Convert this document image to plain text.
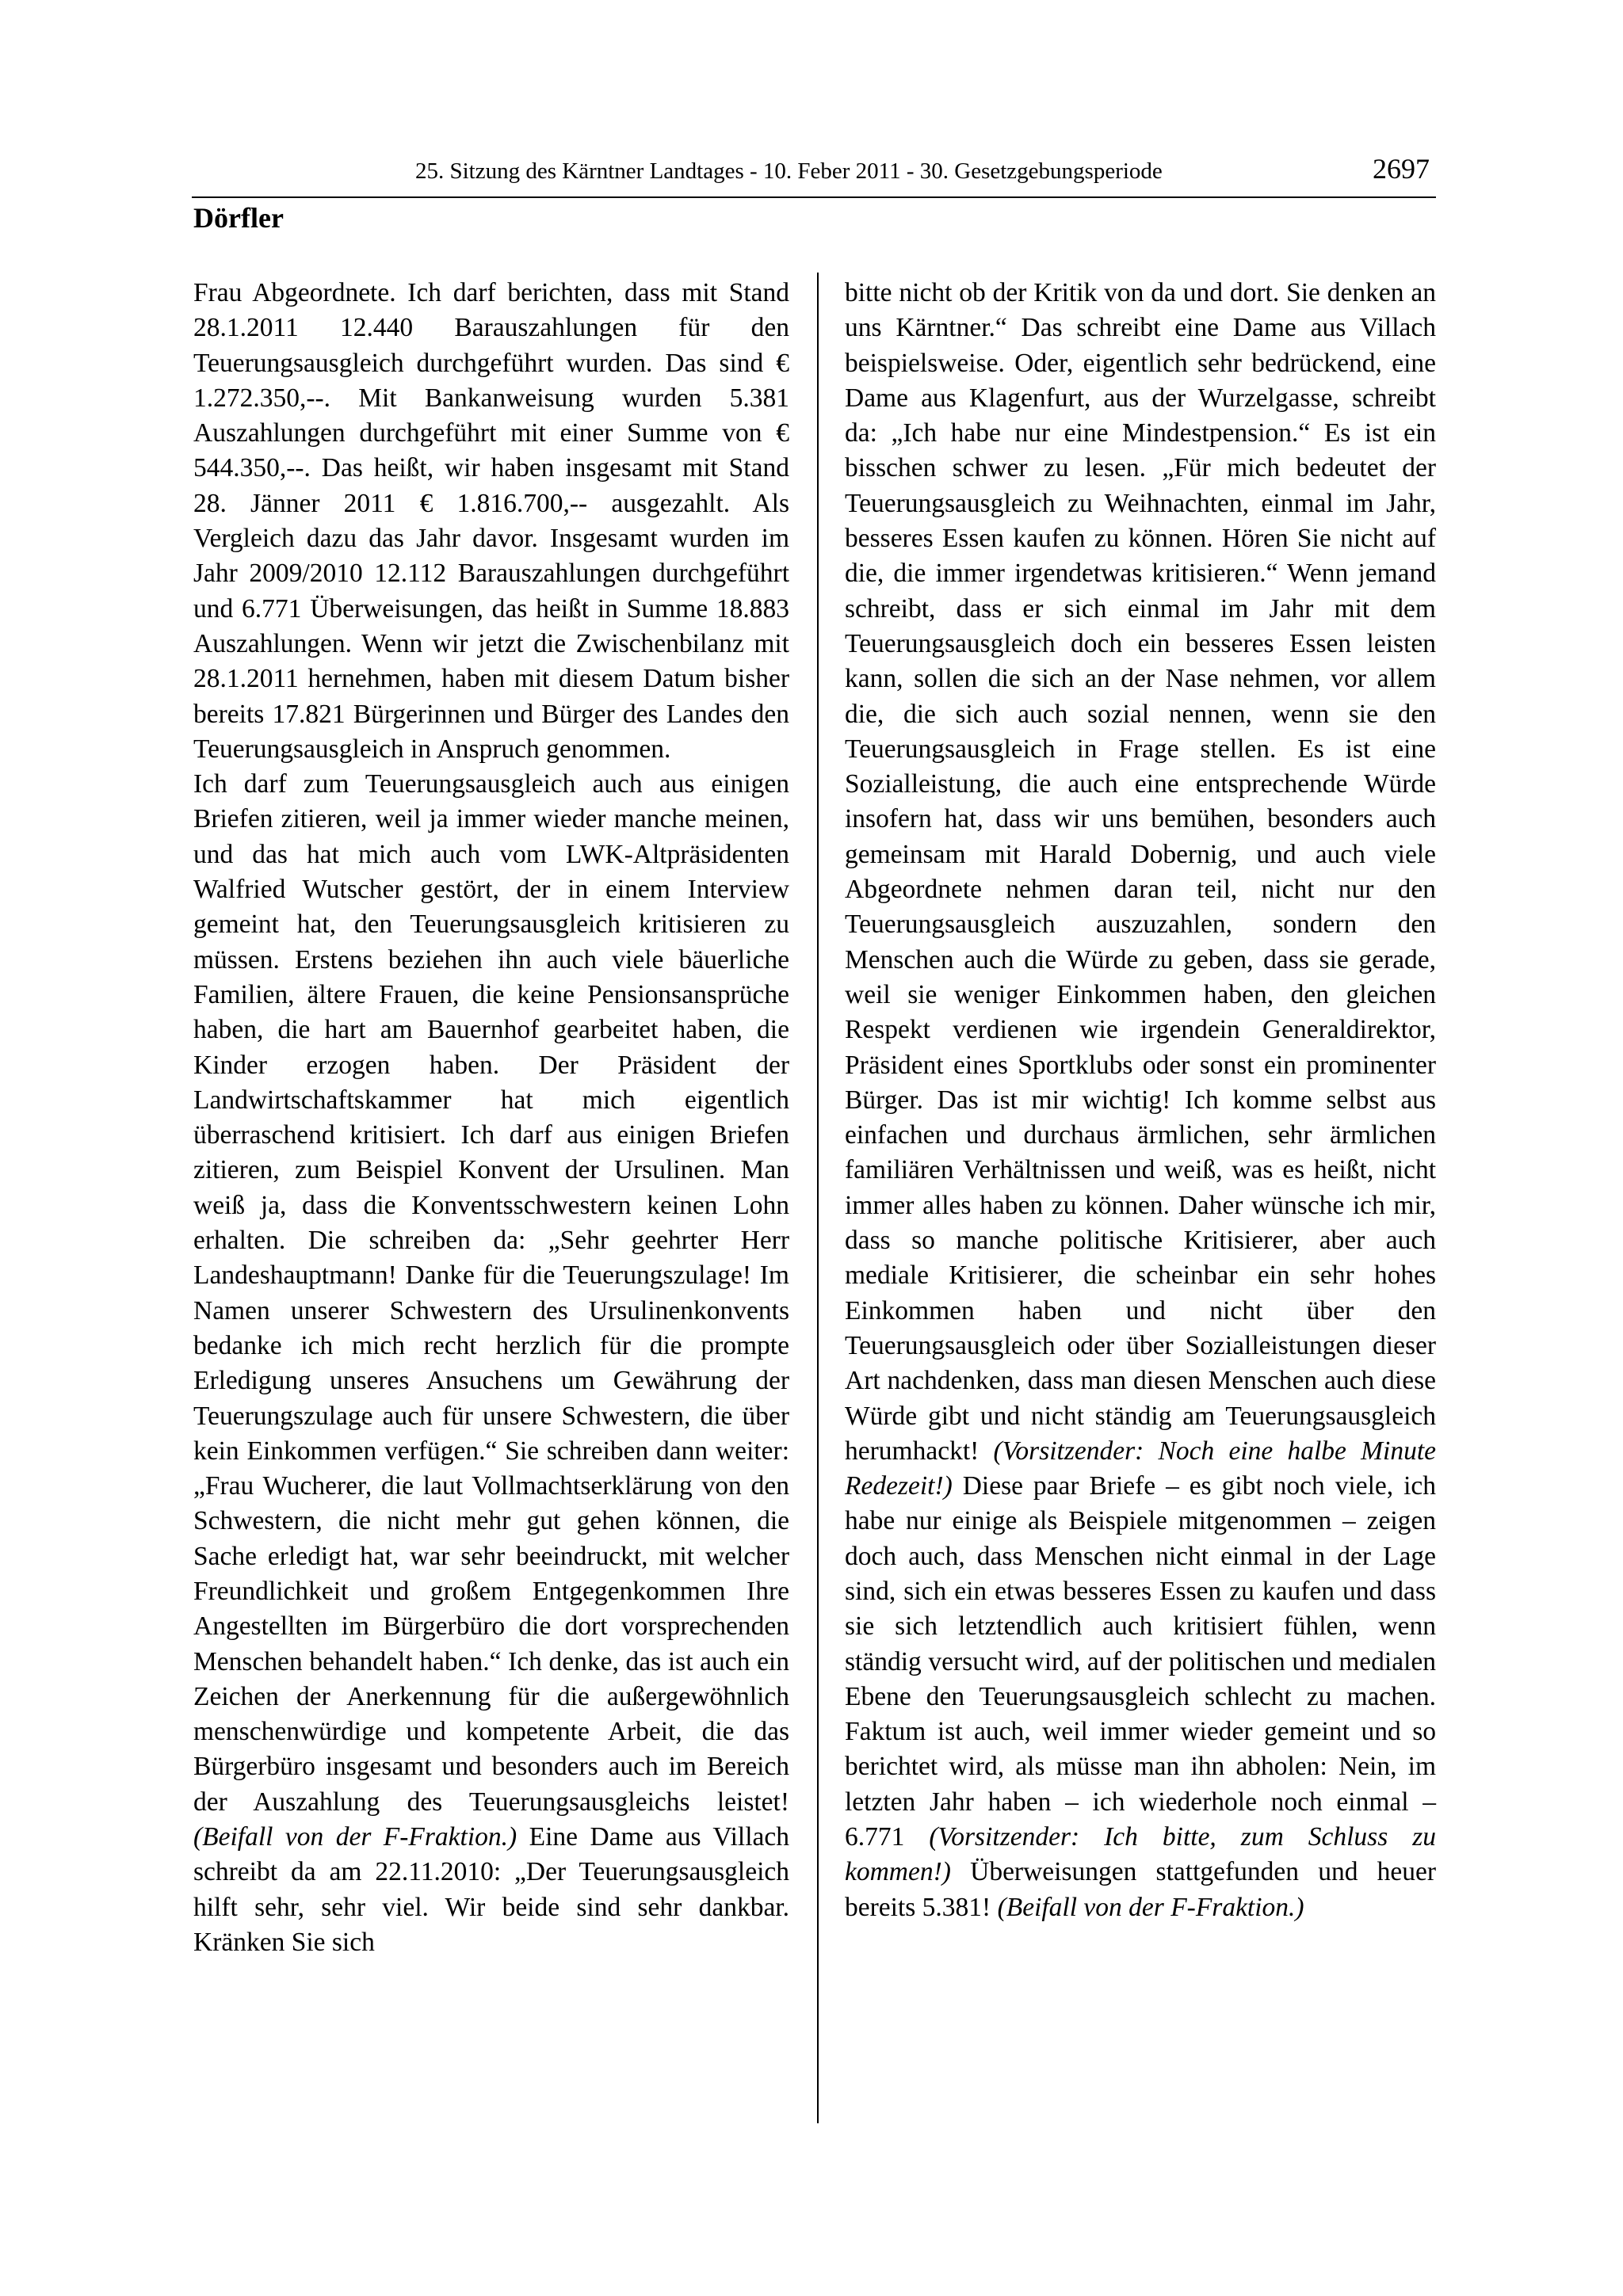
25. Sitzung des Kärntner Landtages - 10. Feber 2011 - 30. Gesetzgebungsperiode	2697
Dörfler

Frau Abgeordnete. Ich darf berichten, dass mit Stand 28.1.2011 12.440 Barauszahlungen für den Teuerungsausgleich durchgeführt wurden. Das sind € 1.272.350,--. Mit Bankanweisung wurden 5.381 Auszahlungen durchgeführt mit einer Summe von € 544.350,--. Das heißt, wir haben insgesamt mit Stand 28. Jänner 2011 € 1.816.700,-- ausgezahlt. Als Vergleich dazu das Jahr davor. Insgesamt wurden im Jahr 2009/2010 12.112 Barauszahlungen durchgeführt und 6.771 Überweisungen, das heißt in Summe 18.883 Auszahlungen. Wenn wir jetzt die Zwischenbilanz mit 28.1.2011 hernehmen, haben mit diesem Datum bisher bereits 17.821 Bürgerinnen und Bürger des Landes den Teuerungsausgleich in Anspruch genommen.

Ich darf zum Teuerungsausgleich auch aus einigen Briefen zitieren, weil ja immer wieder manche meinen, und das hat mich auch vom LWK-Altpräsidenten Walfried Wutscher gestört, der in einem Interview gemeint hat, den Teuerungsausgleich kritisieren zu müssen. Erstens beziehen ihn auch viele bäuerliche Familien, ältere Frauen, die keine Pensionsansprüche haben, die hart am Bauernhof gearbeitet haben, die Kinder erzogen haben. Der Präsident der Landwirtschaftskammer hat mich eigentlich überraschend kritisiert. Ich darf aus einigen Briefen zitieren, zum Beispiel Konvent der Ursulinen. Man weiß ja, dass die Konventsschwestern keinen Lohn erhalten. Die schreiben da: „Sehr geehrter Herr Landeshauptmann! Danke für die Teuerungszulage! Im Namen unserer Schwestern des Ursulinenkonvents bedanke ich mich recht herzlich für die prompte Erledigung unseres Ansuchens um Gewährung der Teuerungszulage auch für unsere Schwestern, die über kein Einkommen verfügen.“ Sie schreiben dann weiter: „Frau Wucherer, die laut Vollmachtserklärung von den Schwestern, die nicht mehr gut gehen können, die Sache erledigt hat, war sehr beeindruckt, mit welcher Freundlichkeit und großem Entgegenkommen Ihre Angestellten im Bürgerbüro die dort vorsprechenden Menschen behandelt haben.“ Ich denke, das ist auch ein Zeichen der Anerkennung für die außergewöhnlich menschenwürdige und kompetente Arbeit, die das Bürgerbüro insgesamt und besonders auch im Bereich der Auszahlung des Teuerungsausgleichs leistet! (Beifall von der F-Fraktion.) Eine Dame aus Villach schreibt da am 22.11.2010: „Der Teuerungsausgleich hilft sehr, sehr viel. Wir beide sind sehr dankbar. Kränken Sie sich

bitte nicht ob der Kritik von da und dort. Sie denken an uns Kärntner.“ Das schreibt eine Dame aus Villach beispielsweise. Oder, eigentlich sehr bedrückend, eine Dame aus Klagenfurt, aus der Wurzelgasse, schreibt da: „Ich habe nur eine Mindestpension.“ Es ist ein bisschen schwer zu lesen. „Für mich bedeutet der Teuerungsausgleich zu Weihnachten, einmal im Jahr, besseres Essen kaufen zu können. Hören Sie nicht auf die, die immer irgendetwas kritisieren.“ Wenn jemand schreibt, dass er sich einmal im Jahr mit dem Teuerungsausgleich doch ein besseres Essen leisten kann, sollen die sich an der Nase nehmen, vor allem die, die sich auch sozial nennen, wenn sie den Teuerungsausgleich in Frage stellen. Es ist eine Sozialleistung, die auch eine entsprechende Würde insofern hat, dass wir uns bemühen, besonders auch gemeinsam mit Harald Dobernig, und auch viele Abgeordnete nehmen daran teil, nicht nur den Teuerungsausgleich auszuzahlen, sondern den Menschen auch die Würde zu geben, dass sie gerade, weil sie weniger Einkommen haben, den gleichen Respekt verdienen wie irgendein Generaldirektor, Präsident eines Sportklubs oder sonst ein prominenter Bürger. Das ist mir wichtig! Ich komme selbst aus einfachen und durchaus ärmlichen, sehr ärmlichen familiären Verhältnissen und weiß, was es heißt, nicht immer alles haben zu können. Daher wünsche ich mir, dass so manche politische Kritisierer, aber auch mediale Kritisierer, die scheinbar ein sehr hohes Einkommen haben und nicht über den Teuerungsausgleich oder über Sozialleistungen dieser Art nachdenken, dass man diesen Menschen auch diese Würde gibt und nicht ständig am Teuerungsausgleich herumhackt! (Vorsitzender: Noch eine halbe Minute Redezeit!) Diese paar Briefe – es gibt noch viele, ich habe nur einige als Beispiele mitgenommen – zeigen doch auch, dass Menschen nicht einmal in der Lage sind, sich ein etwas besseres Essen zu kaufen und dass sie sich letztendlich auch kritisiert fühlen, wenn ständig versucht wird, auf der politischen und medialen Ebene den Teuerungsausgleich schlecht zu machen. Faktum ist auch, weil immer wieder gemeint und so berichtet wird, als müsse man ihn abholen: Nein, im letzten Jahr haben – ich wiederhole noch einmal – 6.771 (Vorsitzender: Ich bitte, zum Schluss zu kommen!) Überweisungen stattgefunden und heuer bereits 5.381! (Beifall von der F-Fraktion.)
